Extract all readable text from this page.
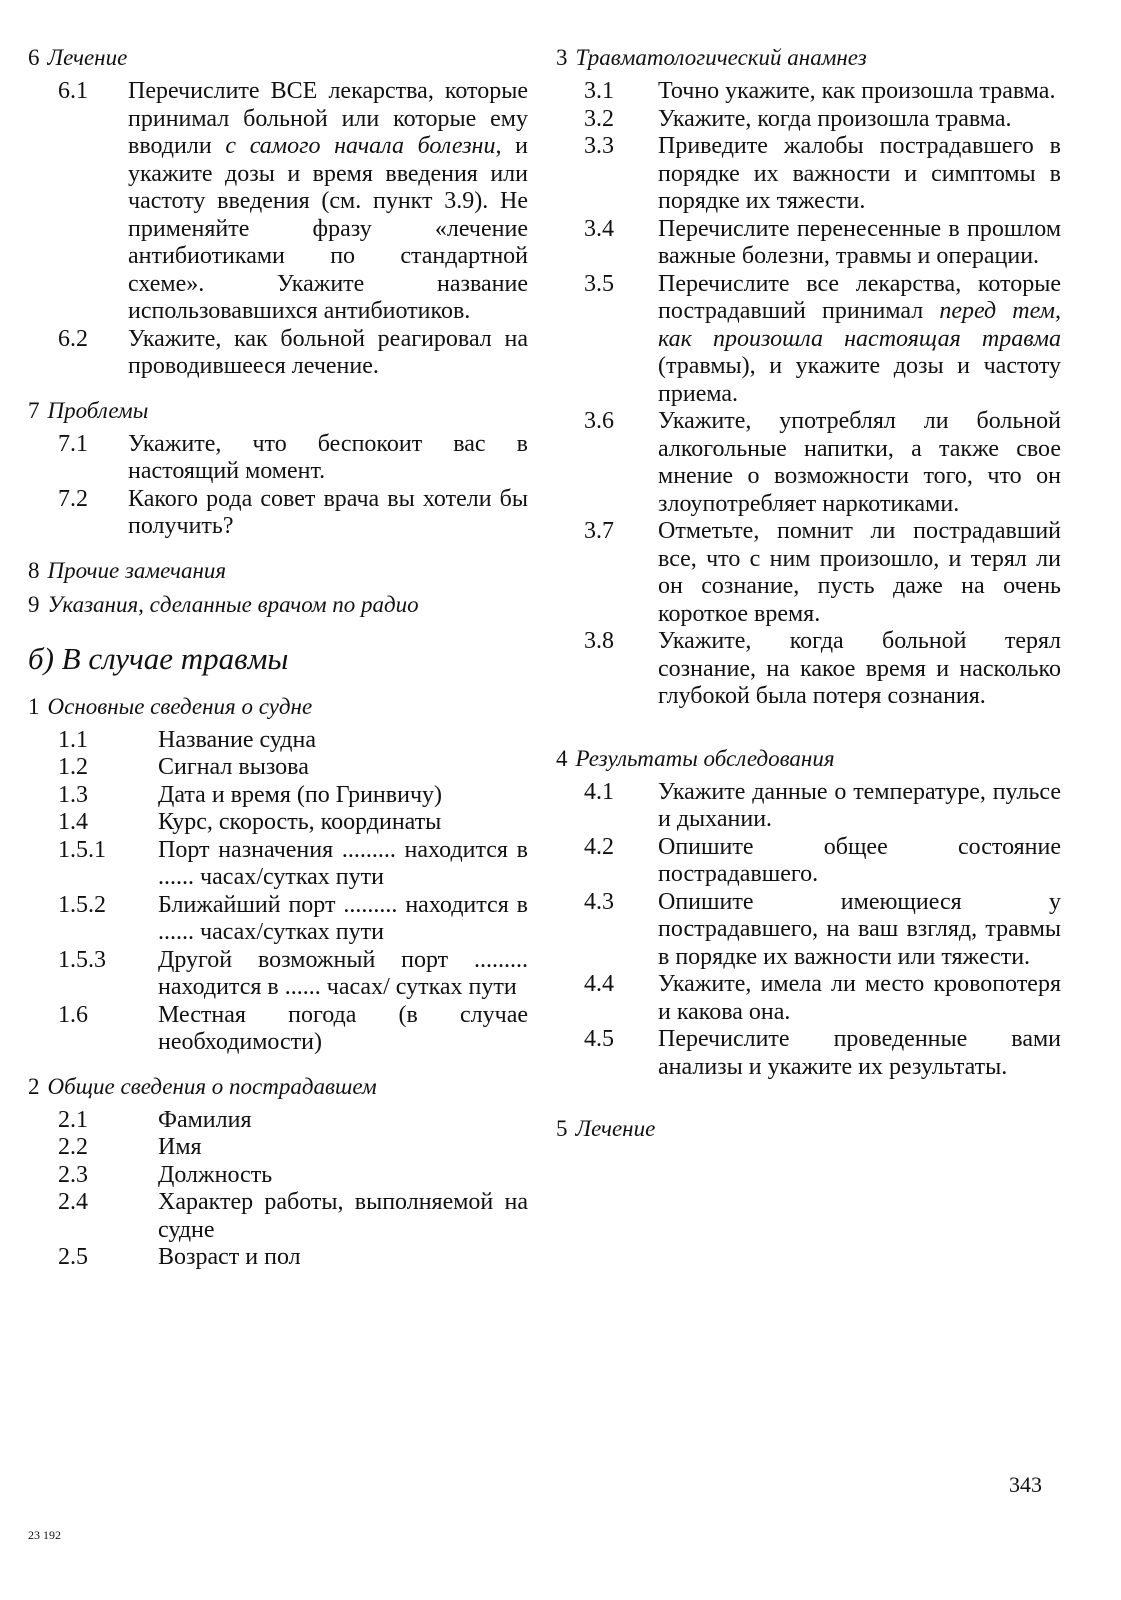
6 Лечение
6.1	Перечислите ВСЕ лекарства, которые принимал больной или которые ему вводили с самого начала болезни, и укажите дозы и время введения или частоту введения (см. пункт 3.9). Не применяйте фразу «лечение антибиотиками по стандартной схеме». Укажите название использовавшихся антибиотиков.
6.2	Укажите, как больной реагировал на проводившееся лечение.
7 Проблемы
7.1	Укажите, что беспокоит вас в настоящий момент.
7.2	Какого рода совет врача вы хотели бы получить?
8 Прочие замечания
9 Указания, сделанные врачом по радио
б) В случае травмы
1 Основные сведения о судне
1.1	Название судна
1.2	Сигнал вызова
1.3	Дата и время (по Гринвичу)
1.4	Курс, скорость, координаты
1.5.1	Порт назначения ......... находится в ...... часах/сутках пути
1.5.2	Ближайший порт ......... находится в ...... часах/сутках пути
1.5.3	Другой возможный порт ......... находится в ...... часах/ сутках пути
1.6	Местная погода (в случае необходимости)
2 Общие сведения о пострадавшем
2.1	Фамилия
2.2	Имя
2.3	Должность
2.4	Характер работы, выполняемой на судне
2.5	Возраст и пол
3 Травматологический анамнез
3.1	Точно укажите, как произошла травма.
3.2	Укажите, когда произошла травма.
3.3	Приведите жалобы пострадавшего в порядке их важности и симптомы в порядке их тяжести.
3.4	Перечислите перенесенные в прошлом важные болезни, травмы и операции.
3.5	Перечислите все лекарства, которые пострадавший принимал перед тем, как произошла настоящая травма (травмы), и укажите дозы и частоту приема.
3.6	Укажите, употреблял ли больной алкогольные напитки, а также свое мнение о возможности того, что он злоупотребляет наркотиками.
3.7	Отметьте, помнит ли пострадавший все, что с ним произошло, и терял ли он сознание, пусть даже на очень короткое время.
3.8	Укажите, когда больной терял сознание, на какое время и насколько глубокой была потеря сознания.
4 Результаты обследования
4.1	Укажите данные о температуре, пульсе и дыхании.
4.2	Опишите общее состояние пострадавшего.
4.3	Опишите имеющиеся у пострадавшего, на ваш взгляд, травмы в порядке их важности или тяжести.
4.4	Укажите, имела ли место кровопотеря и какова она.
4.5	Перечислите проведенные вами анализы и укажите их результаты.
5 Лечение
343
23 192
